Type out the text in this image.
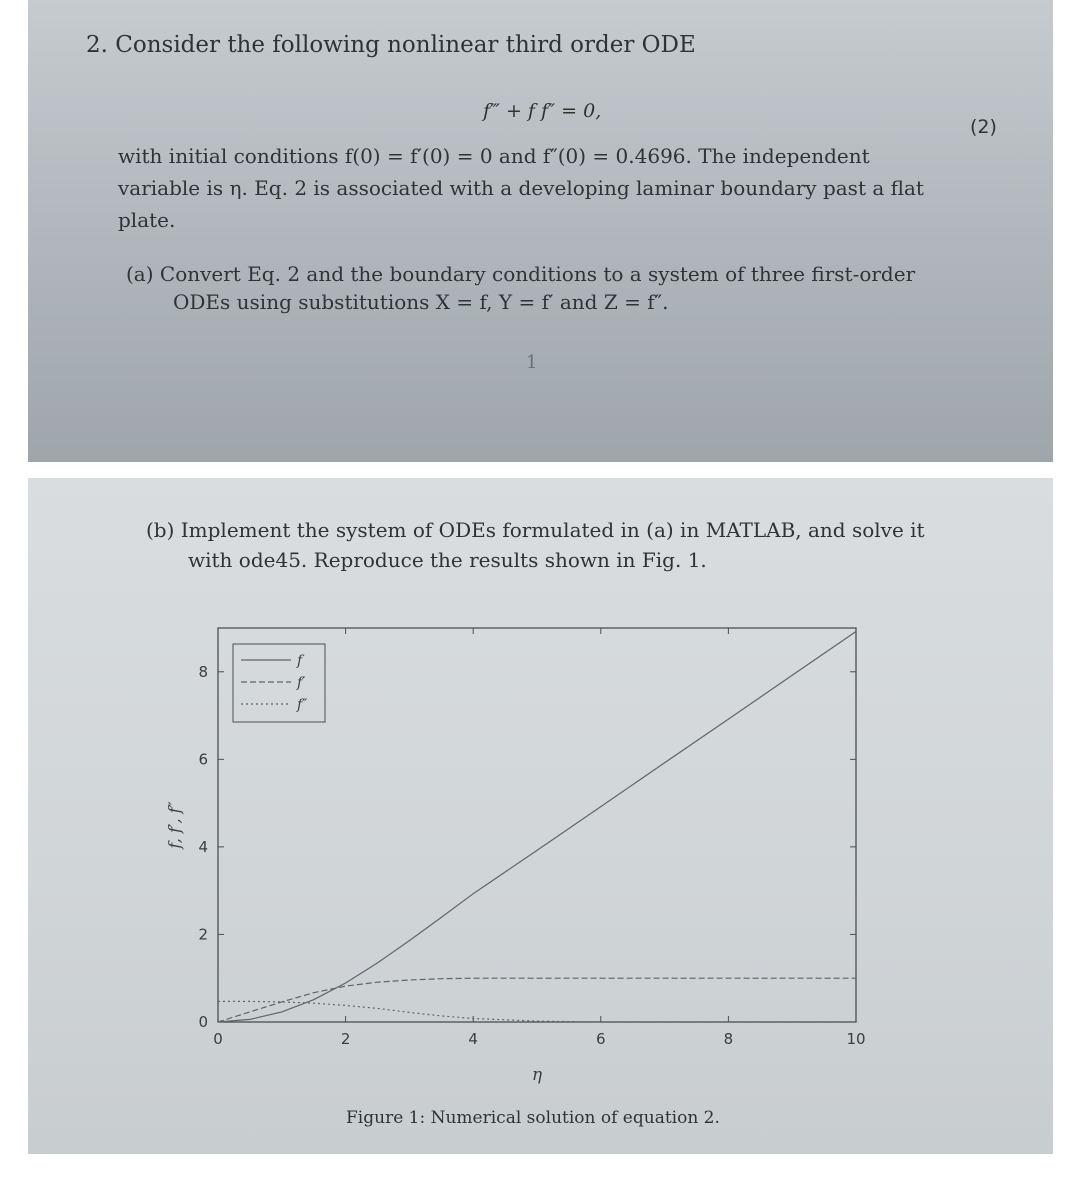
2. Consider the following nonlinear third order ODE
f‴ + f f″ = 0,
(2)
with initial conditions f(0) = f′(0) = 0 and f″(0) = 0.4696. The independent
variable is η. Eq. 2 is associated with a developing laminar boundary past a flat
plate.
(a) Convert Eq. 2 and the boundary conditions to a system of three first-order
ODEs using substitutions X = f, Y = f′ and Z = f″.
1
(b) Implement the system of ODEs formulated in (a) in MATLAB, and solve it
with ode45. Reproduce the results shown in Fig. 1.
0	2	4	6	8	10
0
2
4
6
8
f
f′
f″
η
f, f′, f″
Figure 1: Numerical solution of equation 2.
